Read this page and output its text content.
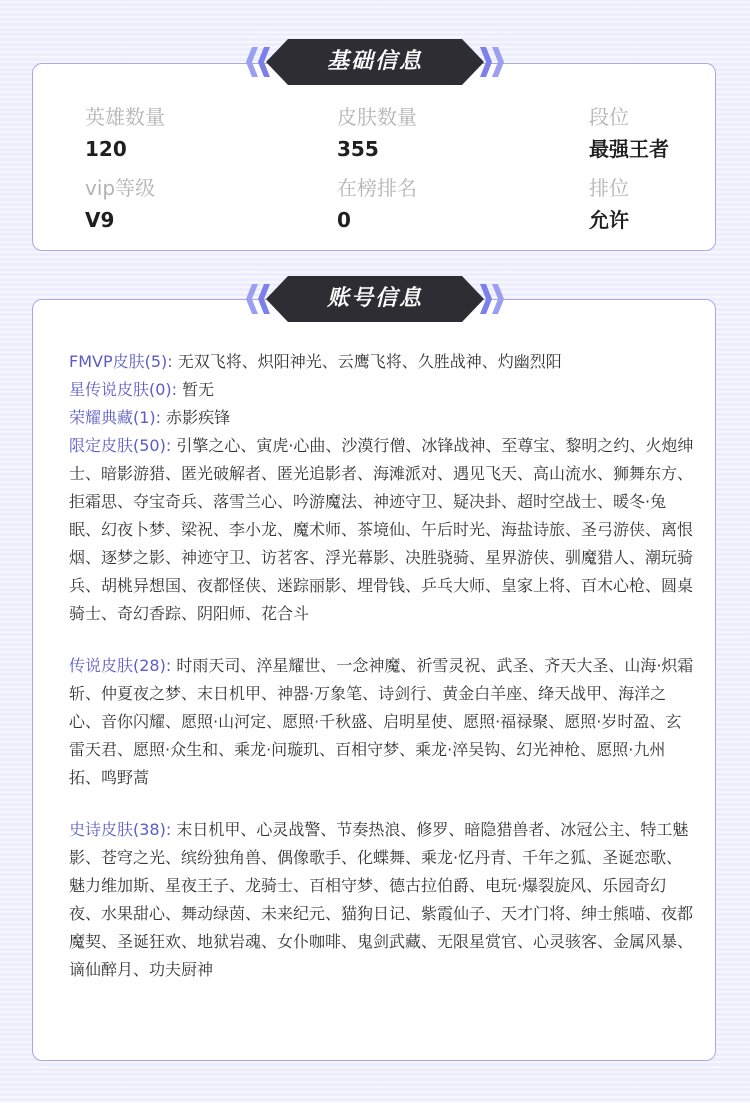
英雄数量
120
皮肤数量
355
段位
最强王者
vip等级
V9
在榜排名
0
排位
允许
基础信息
FMVP皮肤(5): 无双飞将、炽阳神光、云鹰飞将、久胜战神、灼幽烈阳
星传说皮肤(0): 暂无
荣耀典藏(1): 赤影疾锋
限定皮肤(50): 引擎之心、寅虎·心曲、沙漠行僧、冰锋战神、至尊宝、黎明之约、火炮绅士、暗影游猎、匿光破解者、匿光追影者、海滩派对、遇见飞天、高山流水、狮舞东方、拒霜思、夺宝奇兵、落雪兰心、吟游魔法、神迹守卫、疑决卦、超时空战士、暖冬·兔眠、幻夜卜梦、梁祝、李小龙、魔术师、茶境仙、午后时光、海盐诗旅、圣弓游侠、离恨烟、逐梦之影、神迹守卫、访茗客、浮光幕影、决胜骁骑、星界游侠、驯魔猎人、潮玩骑兵、胡桃异想国、夜都怪侠、迷踪丽影、埋骨钱、乒乓大师、皇家上将、百木心枪、圆桌骑士、奇幻香踪、阴阳师、花合斗
传说皮肤(28): 时雨天司、淬星耀世、一念神魔、祈雪灵祝、武圣、齐天大圣、山海·炽霜斩、仲夏夜之梦、末日机甲、神器·万象笔、诗剑行、黄金白羊座、绛天战甲、海洋之心、音你闪耀、愿照·山河定、愿照·千秋盛、启明星使、愿照·福禄聚、愿照·岁时盈、玄雷天君、愿照·众生和、乘龙·问璇玑、百相守梦、乘龙·淬吴钩、幻光神枪、愿照·九州拓、鸣野蒿
史诗皮肤(38): 末日机甲、心灵战警、节奏热浪、修罗、暗隐猎兽者、冰冠公主、特工魅影、苍穹之光、缤纷独角兽、偶像歌手、化蝶舞、乘龙·忆丹青、千年之狐、圣诞恋歌、魅力维加斯、星夜王子、龙骑士、百相守梦、德古拉伯爵、电玩·爆裂旋风、乐园奇幻夜、水果甜心、舞动绿茵、未来纪元、猫狗日记、紫霞仙子、天才门将、绅士熊喵、夜都魔契、圣诞狂欢、地狱岩魂、女仆咖啡、鬼剑武藏、无限星赏官、心灵骇客、金属风暴、谪仙醉月、功夫厨神
账号信息
